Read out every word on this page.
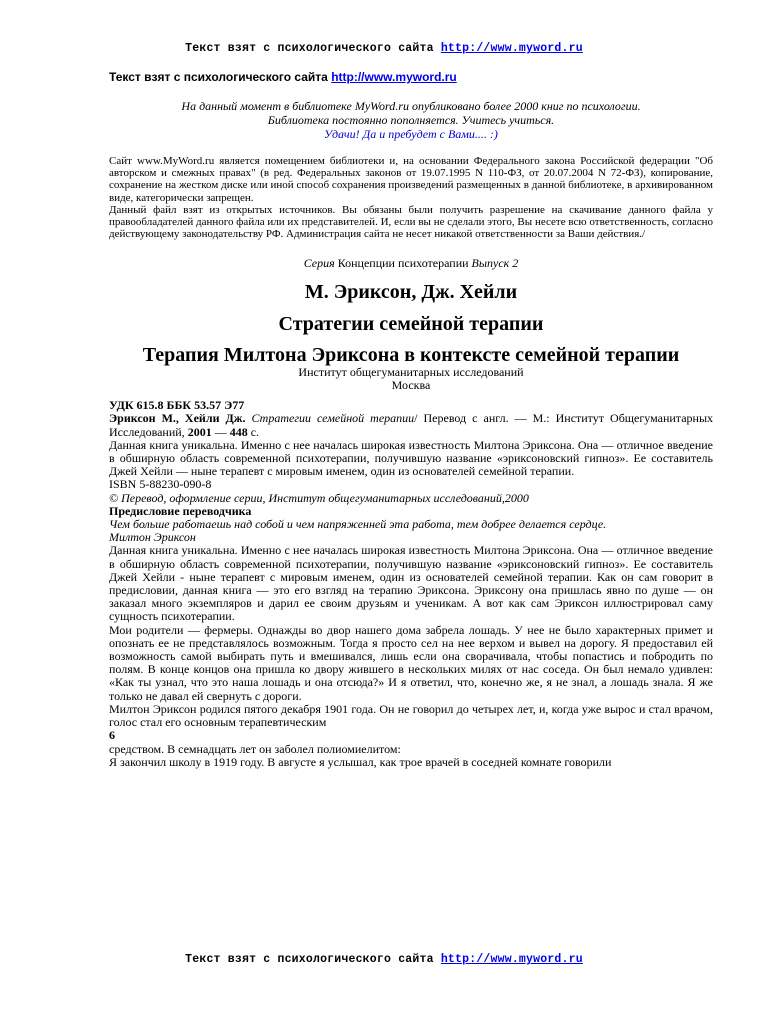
Текст взят с психологического сайта http://www.myword.ru

Текст взят с психологического сайта http://www.myword.ru

На данный момент в библиотеке MyWord.ru опубликовано более 2000 книг по психологии.
Библиотека постоянно пополняется. Учитесь учиться.
Удачи! Да и пребудет с Вами.... :)
Сайт www.MyWord.ru является помещением библиотеки и, на основании Федерального закона Российской федерации "Об авторском и смежных правах" (в ред. Федеральных законов от 19.07.1995 N 110-ФЗ, от 20.07.2004 N 72-ФЗ), копирование, сохранение на жестком диске или иной способ сохранения произведений размещенных в данной библиотеке, в архивированном виде, категорически запрещен.
Данный файл взят из открытых источников. Вы обязаны были получить разрешение на скачивание данного файла у правообладателей данного файла или их представителей. И, если вы не сделали этого, Вы несете всю ответственность, согласно действующему законодательству РФ. Администрация сайта не несет никакой ответственности за Ваши действия./

Серия Концепции психотерапии Выпуск 2

М. Эриксон, Дж. Хейли
Стратегии семейной терапии
Терапия Милтона Эриксона в контексте семейной терапии

Институт общегуманитарных исследований

Москва

УДК 615.8 ББК 53.57 Э77

Эриксон М., Хейли Дж. Стратегии семейной терапии/ Перевод с англ. — М.: Институт Общегуманитарных Исследований, 2001 — 448 с.

Данная книга уникальна. Именно с нее началась широкая известность Милтона Эриксона. Она — отличное введение в обширную область современной психотерапии, получившую название «эриксоновский гипноз». Ее составитель Джей Хейли — ныне терапевт с мировым именем, один из основателей семейной терапии.

ISBN 5-88230-090-8

© Перевод, оформление серии, Институт общегуманитарных исследований,2000

Предисловие переводчика

Чем больше работаешь над собой и чем напряженней эта работа, тем добрее делается сердце.

Милтон Эриксон

Данная книга уникальна. Именно с нее началась широкая известность Милтона Эриксона. Она — отличное введение в обширную область современной психотерапии, получившую название «эриксоновский гипноз». Ее составитель Джей Хейли - ныне терапевт с мировым именем, один из основателей семейной терапии. Как он сам говорит в предисловии, данная книга — это его взгляд на терапию Эриксона. Эриксону она пришлась явно по душе — он заказал много экземпляров и дарил ее своим друзьям и ученикам. А вот как сам Эриксон иллюстрировал саму сущность психотерапии.

Мои родители — фермеры. Однажды во двор нашего дома забрела лошадь. У нее не было характерных примет и опознать ее не представлялось возможным. Тогда я просто сел на нее верхом и вывел на дорогу. Я предоставил ей возможность самой выбирать путь и вмешивался, лишь если она сворачивала, чтобы попастись и побродить по полям. В конце концов она пришла ко двору жившего в нескольких милях от нас соседа. Он был немало удивлен: «Как ты узнал, что это наша лошадь и она отсюда?» И я ответил, что, конечно же, я не знал, а лошадь знала. Я же только не давал ей свернуть с дороги.

Милтон Эриксон родился пятого декабря 1901 года. Он не говорил до четырех лет, и, когда уже вырос и стал врачом, голос стал его основным терапевтическим

6

средством. В семнадцать лет он заболел полиомиелитом:

Я закончил школу в 1919 году. В августе я услышал, как трое врачей в соседней комнате говорили

Текст взят с психологического сайта http://www.myword.ru
